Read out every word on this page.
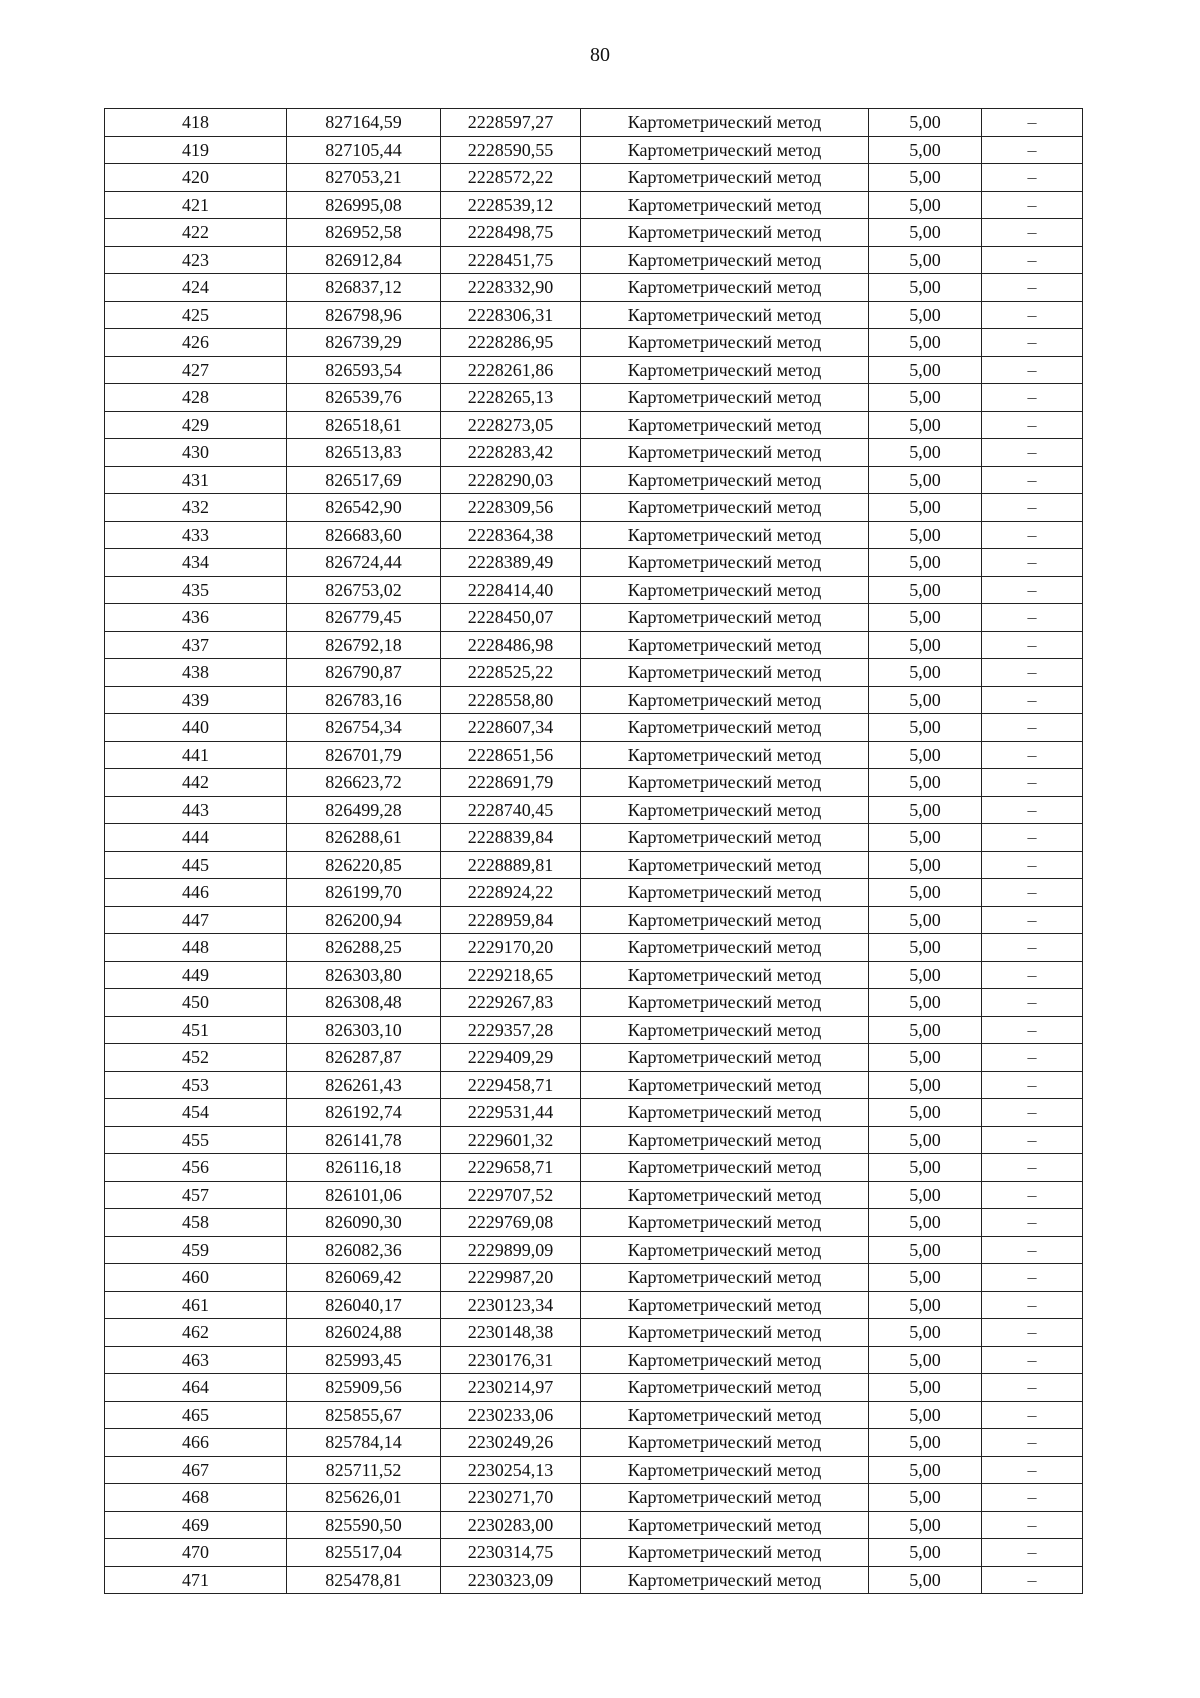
80
418	827164,59	2228597,27	Картометрический метод	5,00	–
419	827105,44	2228590,55	Картометрический метод	5,00	–
420	827053,21	2228572,22	Картометрический метод	5,00	–
421	826995,08	2228539,12	Картометрический метод	5,00	–
422	826952,58	2228498,75	Картометрический метод	5,00	–
423	826912,84	2228451,75	Картометрический метод	5,00	–
424	826837,12	2228332,90	Картометрический метод	5,00	–
425	826798,96	2228306,31	Картометрический метод	5,00	–
426	826739,29	2228286,95	Картометрический метод	5,00	–
427	826593,54	2228261,86	Картометрический метод	5,00	–
428	826539,76	2228265,13	Картометрический метод	5,00	–
429	826518,61	2228273,05	Картометрический метод	5,00	–
430	826513,83	2228283,42	Картометрический метод	5,00	–
431	826517,69	2228290,03	Картометрический метод	5,00	–
432	826542,90	2228309,56	Картометрический метод	5,00	–
433	826683,60	2228364,38	Картометрический метод	5,00	–
434	826724,44	2228389,49	Картометрический метод	5,00	–
435	826753,02	2228414,40	Картометрический метод	5,00	–
436	826779,45	2228450,07	Картометрический метод	5,00	–
437	826792,18	2228486,98	Картометрический метод	5,00	–
438	826790,87	2228525,22	Картометрический метод	5,00	–
439	826783,16	2228558,80	Картометрический метод	5,00	–
440	826754,34	2228607,34	Картометрический метод	5,00	–
441	826701,79	2228651,56	Картометрический метод	5,00	–
442	826623,72	2228691,79	Картометрический метод	5,00	–
443	826499,28	2228740,45	Картометрический метод	5,00	–
444	826288,61	2228839,84	Картометрический метод	5,00	–
445	826220,85	2228889,81	Картометрический метод	5,00	–
446	826199,70	2228924,22	Картометрический метод	5,00	–
447	826200,94	2228959,84	Картометрический метод	5,00	–
448	826288,25	2229170,20	Картометрический метод	5,00	–
449	826303,80	2229218,65	Картометрический метод	5,00	–
450	826308,48	2229267,83	Картометрический метод	5,00	–
451	826303,10	2229357,28	Картометрический метод	5,00	–
452	826287,87	2229409,29	Картометрический метод	5,00	–
453	826261,43	2229458,71	Картометрический метод	5,00	–
454	826192,74	2229531,44	Картометрический метод	5,00	–
455	826141,78	2229601,32	Картометрический метод	5,00	–
456	826116,18	2229658,71	Картометрический метод	5,00	–
457	826101,06	2229707,52	Картометрический метод	5,00	–
458	826090,30	2229769,08	Картометрический метод	5,00	–
459	826082,36	2229899,09	Картометрический метод	5,00	–
460	826069,42	2229987,20	Картометрический метод	5,00	–
461	826040,17	2230123,34	Картометрический метод	5,00	–
462	826024,88	2230148,38	Картометрический метод	5,00	–
463	825993,45	2230176,31	Картометрический метод	5,00	–
464	825909,56	2230214,97	Картометрический метод	5,00	–
465	825855,67	2230233,06	Картометрический метод	5,00	–
466	825784,14	2230249,26	Картометрический метод	5,00	–
467	825711,52	2230254,13	Картометрический метод	5,00	–
468	825626,01	2230271,70	Картометрический метод	5,00	–
469	825590,50	2230283,00	Картометрический метод	5,00	–
470	825517,04	2230314,75	Картометрический метод	5,00	–
471	825478,81	2230323,09	Картометрический метод	5,00	–
